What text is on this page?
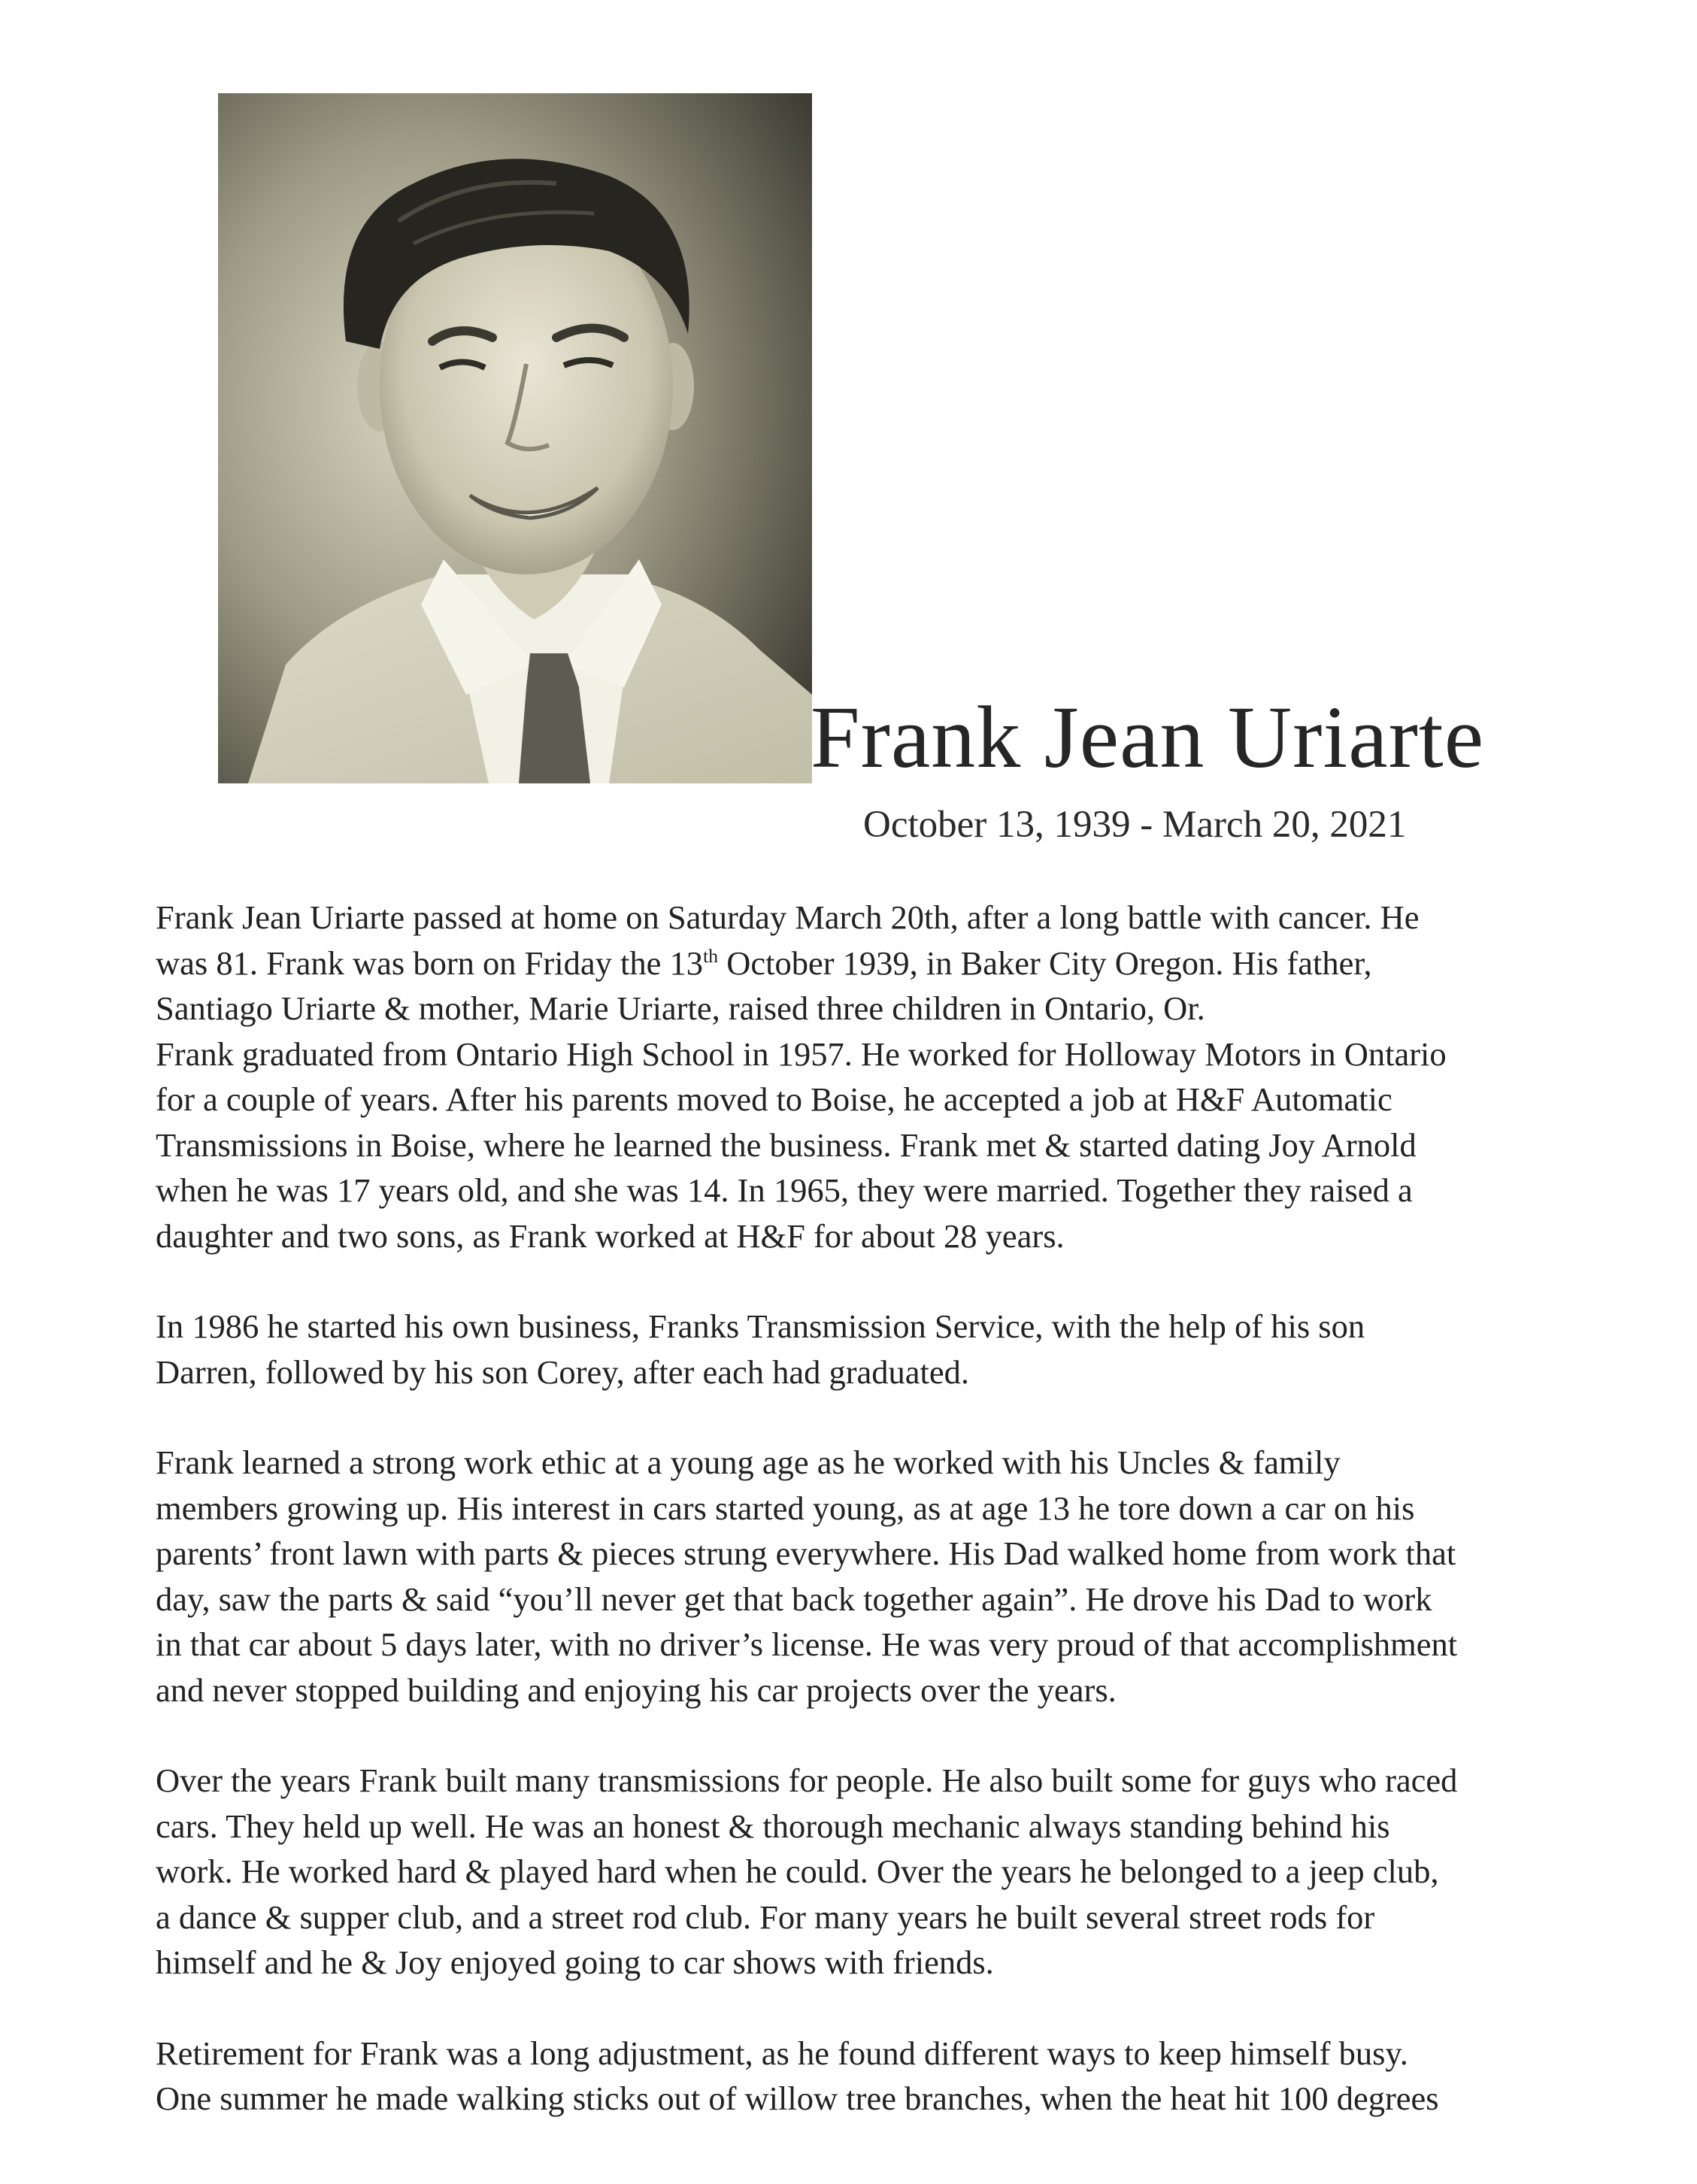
Frank Jean Uriarte
October 13, 1939 - March 20, 2021

Frank Jean Uriarte passed at home on Saturday March 20th, after a long battle with cancer. He
was 81. Frank was born on Friday the 13th October 1939, in Baker City Oregon. His father,
Santiago Uriarte & mother, Marie Uriarte, raised three children in Ontario, Or.
Frank graduated from Ontario High School in 1957. He worked for Holloway Motors in Ontario
for a couple of years. After his parents moved to Boise, he accepted a job at H&F Automatic
Transmissions in Boise, where he learned the business. Frank met & started dating Joy Arnold
when he was 17 years old, and she was 14. In 1965, they were married. Together they raised a
daughter and two sons, as Frank worked at H&F for about 28 years.

In 1986 he started his own business, Franks Transmission Service, with the help of his son
Darren, followed by his son Corey, after each had graduated.

Frank learned a strong work ethic at a young age as he worked with his Uncles & family
members growing up. His interest in cars started young, as at age 13 he tore down a car on his
parents’ front lawn with parts & pieces strung everywhere. His Dad walked home from work that
day, saw the parts & said “you’ll never get that back together again”. He drove his Dad to work
in that car about 5 days later, with no driver’s license. He was very proud of that accomplishment
and never stopped building and enjoying his car projects over the years.

Over the years Frank built many transmissions for people. He also built some for guys who raced
cars. They held up well. He was an honest & thorough mechanic always standing behind his
work. He worked hard & played hard when he could. Over the years he belonged to a jeep club,
a dance & supper club, and a street rod club. For many years he built several street rods for
himself and he & Joy enjoyed going to car shows with friends.

Retirement for Frank was a long adjustment, as he found different ways to keep himself busy.
One summer he made walking sticks out of willow tree branches, when the heat hit 100 degrees
